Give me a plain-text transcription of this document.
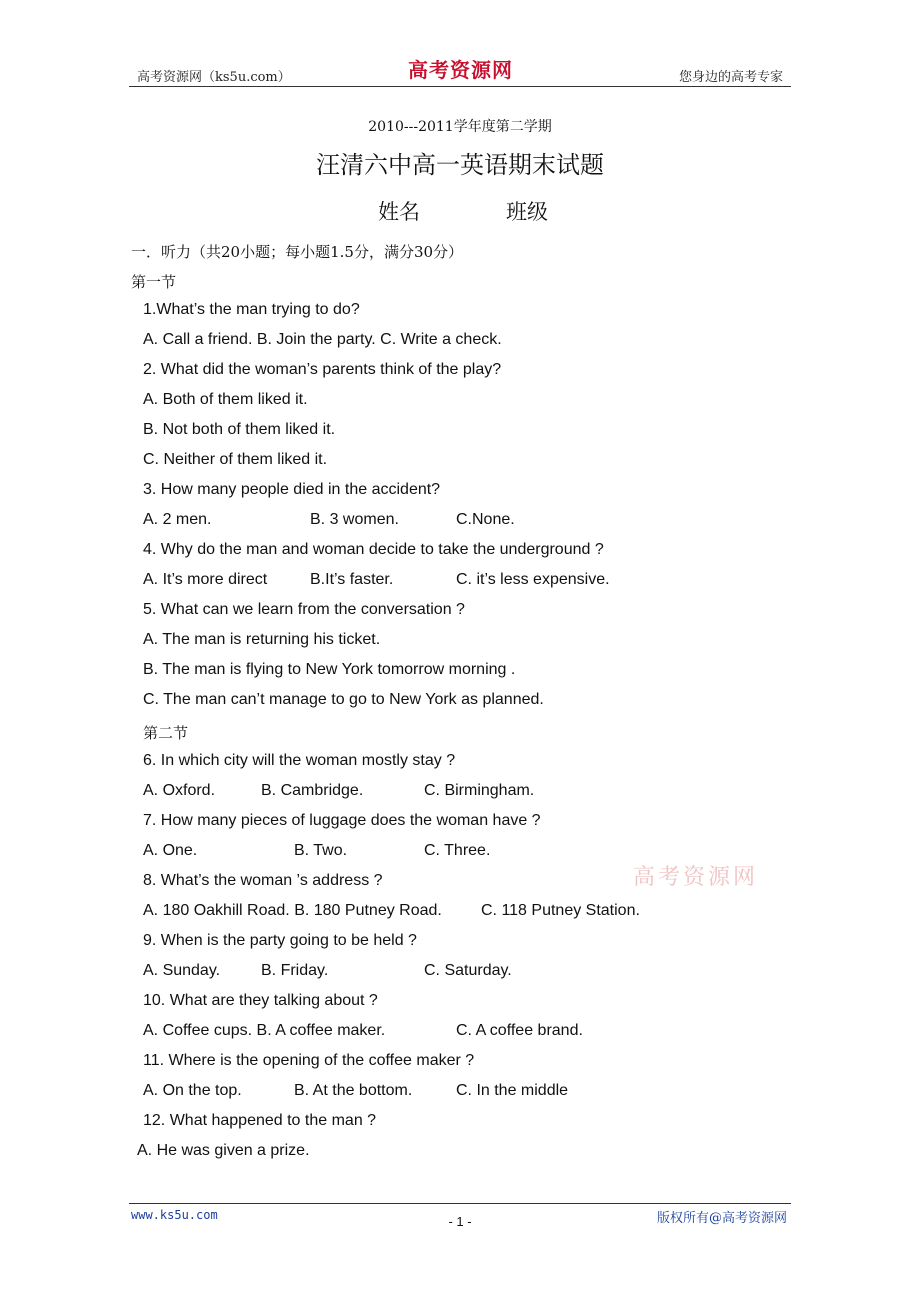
高考资源网（ks5u.com）	高考资源网	您身边的高考专家
2010---2011学年度第二学期
汪清六中高一英语期末试题
姓名	班级
一．听力（共20小题；每小题1.5分，满分30分）
第一节
1.What’s the man trying to do?
A. Call a friend. B. Join the party. C. Write a check.
2. What did the woman’s parents think of the play?
A. Both of them liked it.
B. Not both of them liked it.
C. Neither of them liked it.
3. How many people died in the accident?
A. 2 men.	B. 3 women.	C.None.
4. Why do the man and woman decide to take the underground ?
A. It’s more direct	B.It’s faster.	C. it’s less expensive.
5. What can we learn from the conversation ?
A. The man is returning his ticket.
B. The man is flying to New York tomorrow morning .
C. The man can’t manage to go to New York as planned.
第二节
6. In which city will the woman mostly stay ?
A. Oxford.	B. Cambridge.	C. Birmingham.
7. How many pieces of luggage does the woman have ?
A. One.	B. Two.	C. Three.
高考资源网
8. What’s the woman ’s address ?
A. 180 Oakhill Road. B. 180 Putney Road. C. 118 Putney Station.
9. When is the party going to be held ?
A. Sunday.	B. Friday.	C. Saturday.
10. What are they talking about ?
A. Coffee cups. B. A coffee maker.	C. A coffee brand.
11. Where is the opening of the coffee maker ?
A. On the top.	B. At the bottom.	C. In the middle
12. What happened to the man ?
A. He was given a prize.
www.ks5u.com	- 1 -	版权所有@高考资源网
